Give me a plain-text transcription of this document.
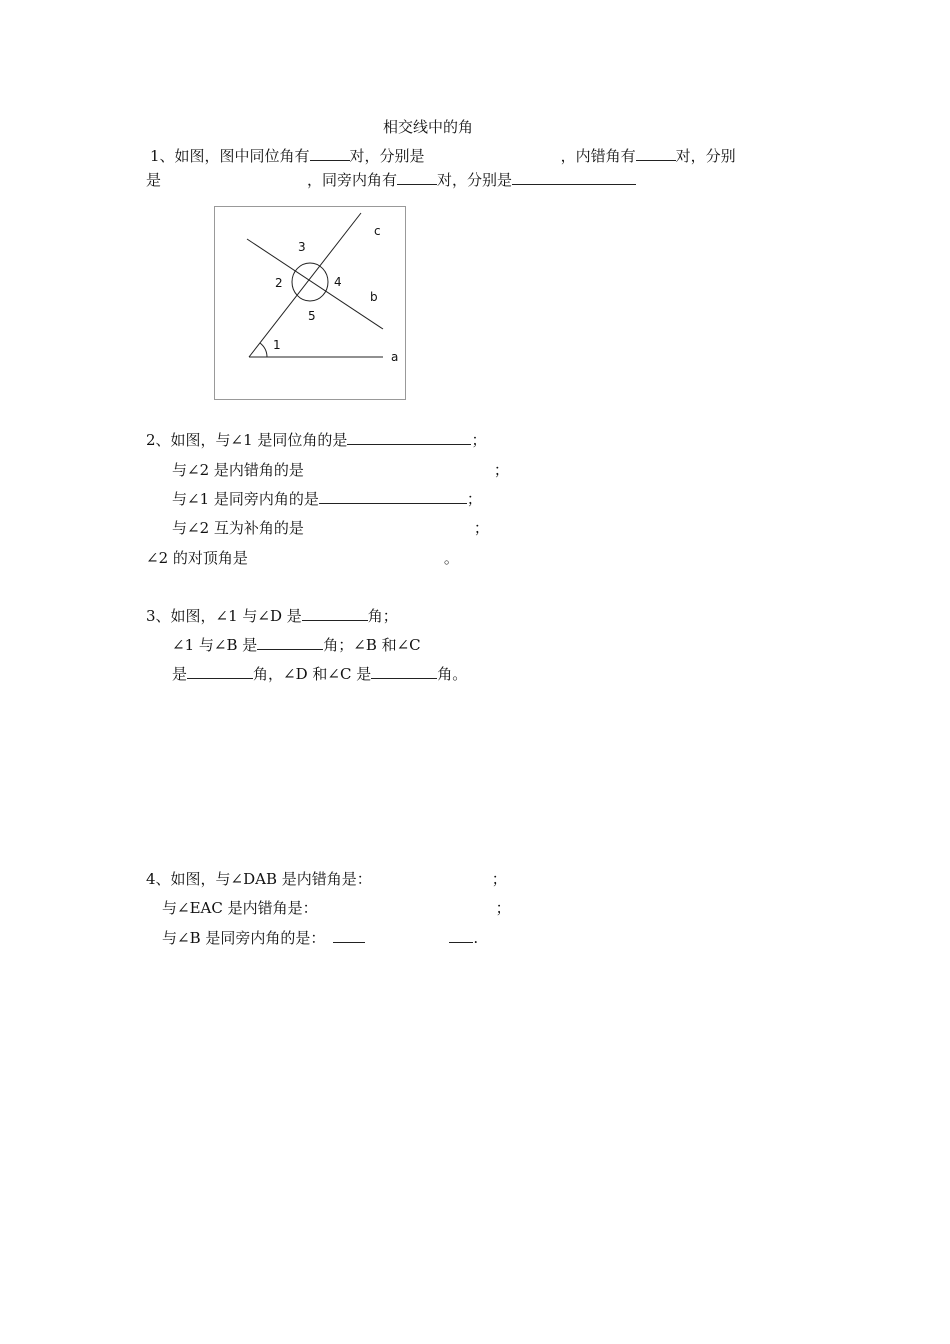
相交线中的角
1、如图，图中同位角有	对，分别是	，内错角有	对，分别
是	，同旁内角有	对，分别是
1
2
3
4
5
a
b
c
2、如图，与∠1 是同位角的是	；
与∠2 是内错角的是	；
与∠1 是同旁内角的是	；
与∠2 互为补角的是	；
∠2 的对顶角是	。
3、如图，∠1 与∠D 是	角；
∠1 与∠B 是	角；∠B 和∠C
是	角，∠D 和∠C 是	角。
4、如图，与∠DAB 是内错角是：	；
与∠EAC 是内错角是：	；
与∠B 是同旁内角的是：	.
